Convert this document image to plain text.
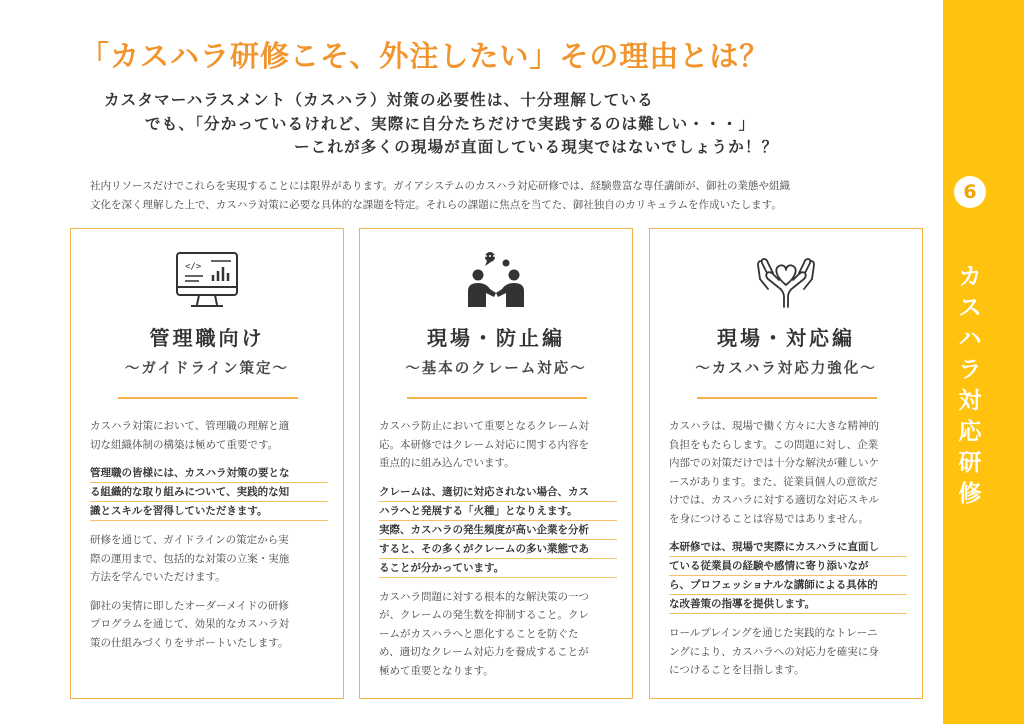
「カスハラ研修こそ、外注したい」その理由とは？

カスタマーハラスメント（カスハラ）対策の必要性は、十分理解している

でも、「分かっているけれど、実際に自分たちだけで実践するのは難しい・・・」

ーこれが多くの現場が直面している現実ではないでしょうか！？

社内リソースだけでこれらを実現することには限界があります。ガイアシステムのカスハラ対応研修では、経験豊富な専任講師が、御社の業態や組織

文化を深く理解した上で、カスハラ対策に必要な具体的な課題を特定。それらの課題に焦点を当てた、御社独自のカリキュラムを作成いたします。

</>
管理職向け
～ガイドライン策定～

カスハラ対策において、管理職の理解と適
切な組織体制の構築は極めて重要です。

管理職の皆様には、カスハラ対策の要とな
る組織的な取り組みについて、実践的な知
識とスキルを習得していただきます。

研修を通じて、ガイドラインの策定から実
際の運用まで、包括的な対策の立案・実施
方法を学んでいただけます。

御社の実情に即したオーダーメイドの研修
プログラムを通じて、効果的なカスハラ対
策の仕組みづくりをサポートいたします。

現場・防止編
～基本のクレーム対応～

カスハラ防止において重要となるクレーム対
応。本研修ではクレーム対応に関する内容を
重点的に組み込んでいます。

クレームは、適切に対応されない場合、カス
ハラへと発展する「火種」となりえます。
実際、カスハラの発生頻度が高い企業を分析
すると、その多くがクレームの多い業態であ
ることが分かっています。

カスハラ問題に対する根本的な解決策の一つ
が、クレームの発生数を抑制すること。クレ
ームがカスハラへと悪化することを防ぐた
め、適切なクレーム対応力を養成することが
極めて重要となります。

現場・対応編
～カスハラ対応力強化～

カスハラは、現場で働く方々に大きな精神的
負担をもたらします。この問題に対し、企業
内部での対策だけでは十分な解決が難しいケ
ースがあります。また、従業員個人の意欲だ
けでは、カスハラに対する適切な対応スキル
を身につけることは容易ではありません。

本研修では、現場で実際にカスハラに直面し
ている従業員の経験や感情に寄り添いなが
ら、プロフェッショナルな講師による具体的
な改善策の指導を提供します。

ロールプレイングを通じた実践的なトレーニ
ングにより、カスハラへの対応力を確実に身
につけることを目指します。

6
カ
ス
ハ
ラ
対
応
研
修
